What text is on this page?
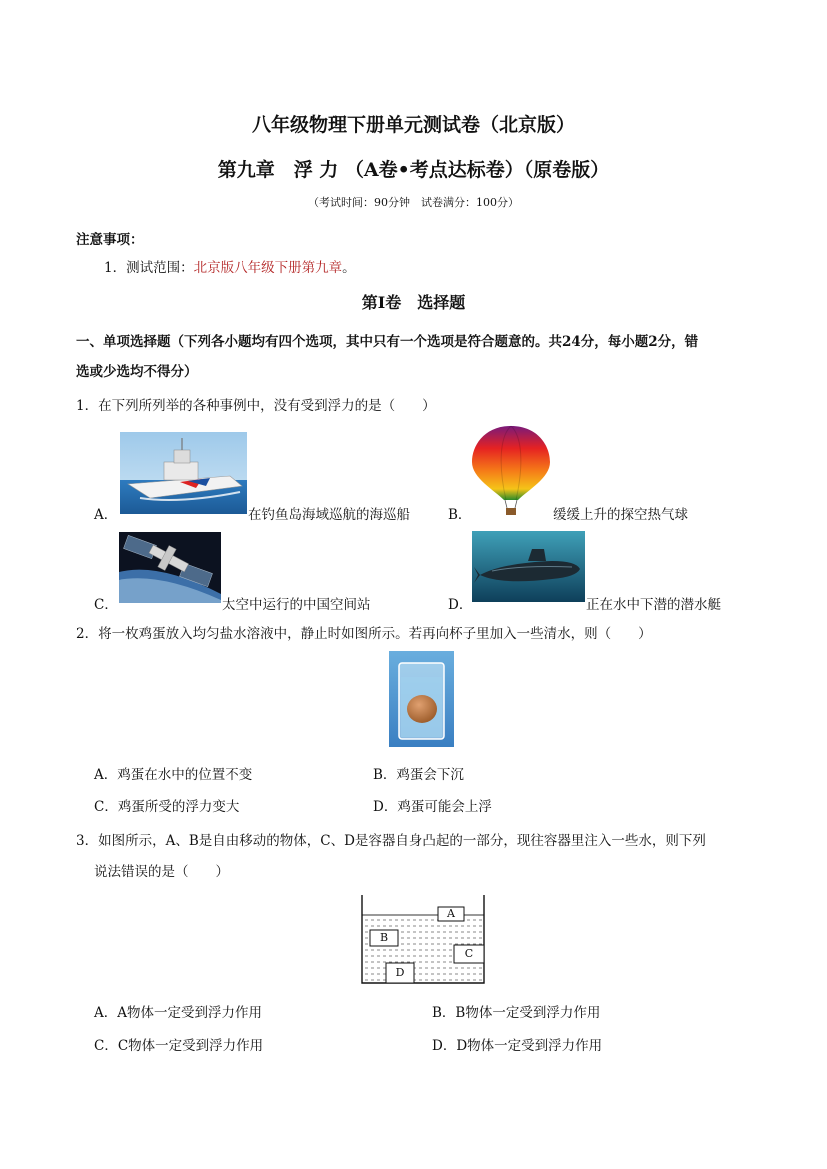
八年级物理下册单元测试卷（北京版）
第九章　浮 力 （A卷•考点达标卷）（原卷版）
（考试时间：90分钟　试卷满分：100分）
注意事项：
1．测试范围：北京版八年级下册第九章。
第Ⅰ卷　选择题
一、单项选择题（下列各小题均有四个选项，其中只有一个选项是符合题意的。共24分，每小题2分，错
选或少选均不得分）
1．在下列所列举的各种事例中，没有受到浮力的是（　　）
A．	在钓鱼岛海域巡航的海巡船	B．	缓缓上升的探空热气球
C．	太空中运行的中国空间站	D．	正在水中下潜的潜水艇
2．将一枚鸡蛋放入均匀盐水溶液中，静止时如图所示。若再向杯子里加入一些清水，则（　　）
A．鸡蛋在水中的位置不变	B．鸡蛋会下沉
C．鸡蛋所受的浮力变大	D．鸡蛋可能会上浮
3．如图所示，A、B是自由移动的物体，C、D是容器自身凸起的一部分，现往容器里注入一些水，则下列
说法错误的是（　　）
A
B
C
D
A．A物体一定受到浮力作用	B．B物体一定受到浮力作用
C．C物体一定受到浮力作用	D．D物体一定受到浮力作用
